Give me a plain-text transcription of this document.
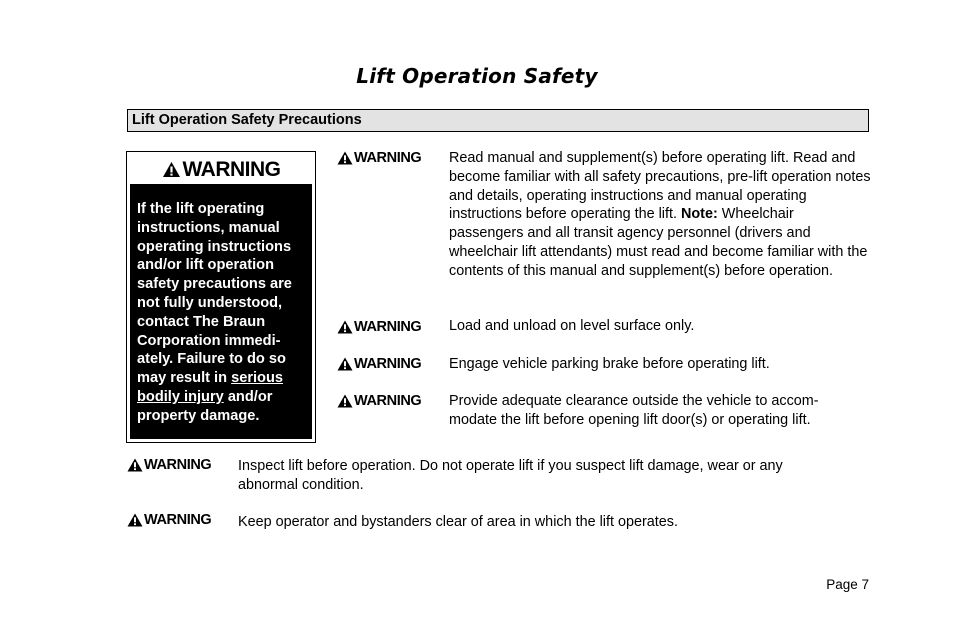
Lift Operation Safety
Lift Operation Safety Precautions
WARNING
If the lift operating instructions, manual operating instructions and/or lift operation safety precautions are not fully understood, contact The Braun Corporation immedi-ately. Failure to do so may result in serious bodily injury and/or property damage.
WARNING
WARNING
WARNING
WARNING
WARNING
WARNING
Read manual and supplement(s) before operating lift. Read and become familiar with all safety precautions, pre-lift operation notes and details, operating instructions and manual operating instructions before operating the lift. Note: Wheelchair passengers and all transit agency personnel (drivers and wheelchair lift attendants) must read and become familiar with the contents of this manual and supplement(s) before operation.
Load and unload on level surface only.
Engage vehicle parking brake before operating lift.
Provide adequate clearance outside the vehicle to accom-modate the lift before opening lift door(s) or operating lift.
Inspect lift before operation. Do not operate lift if you suspect lift damage, wear or any abnormal condition.
Keep operator and bystanders clear of area in which the lift operates.
Page 7
